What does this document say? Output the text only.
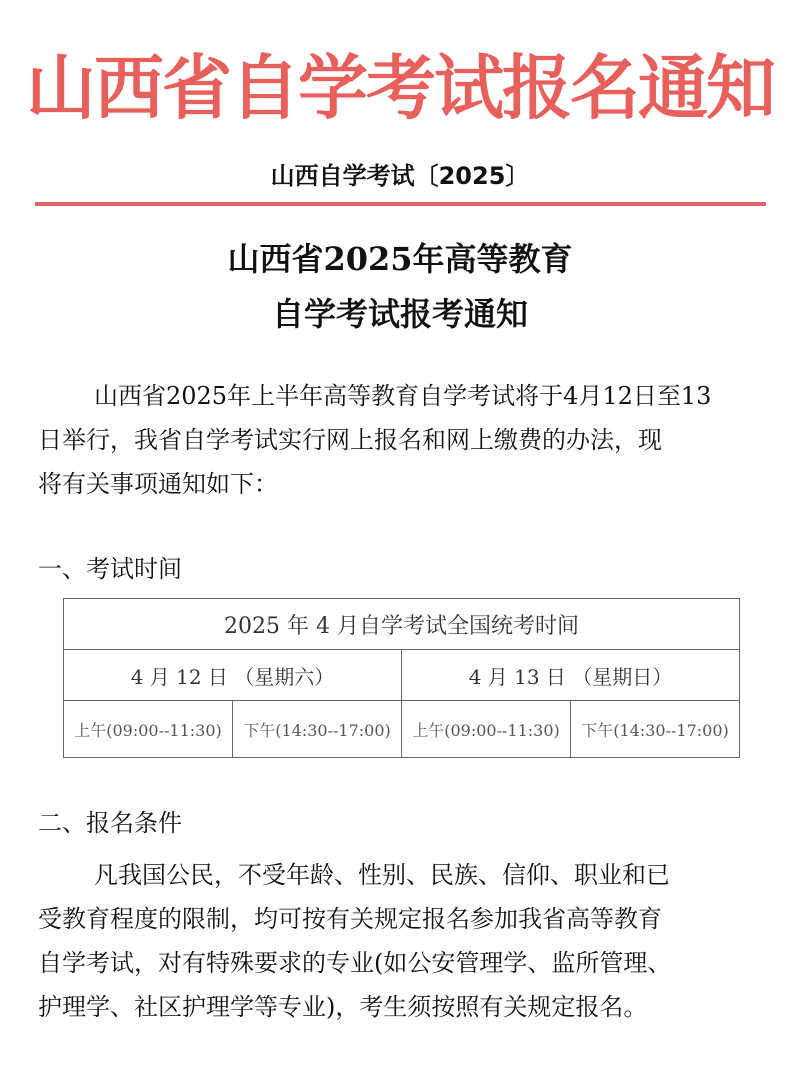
山西省自学考试报名通知
山西自学考试〔2025〕
山西省2025年高等教育
自学考试报考通知
山西省2025年上半年高等教育自学考试将于4月12日至13
日举行，我省自学考试实行网上报名和网上缴费的办法，现
将有关事项通知如下：
一、考试时间
2025 年 4 月自学考试全国统考时间			
4 月 12 日 （星期六）		4 月 13 日 （星期日）	
上午(09:00--11:30)	下午(14:30--17:00)	上午(09:00--11:30)	下午(14:30--17:00)
二、报名条件
凡我国公民，不受年龄、性别、民族、信仰、职业和已
受教育程度的限制，均可按有关规定报名参加我省高等教育
自学考试，对有特殊要求的专业(如公安管理学、监所管理、
护理学、社区护理学等专业)，考生须按照有关规定报名。
